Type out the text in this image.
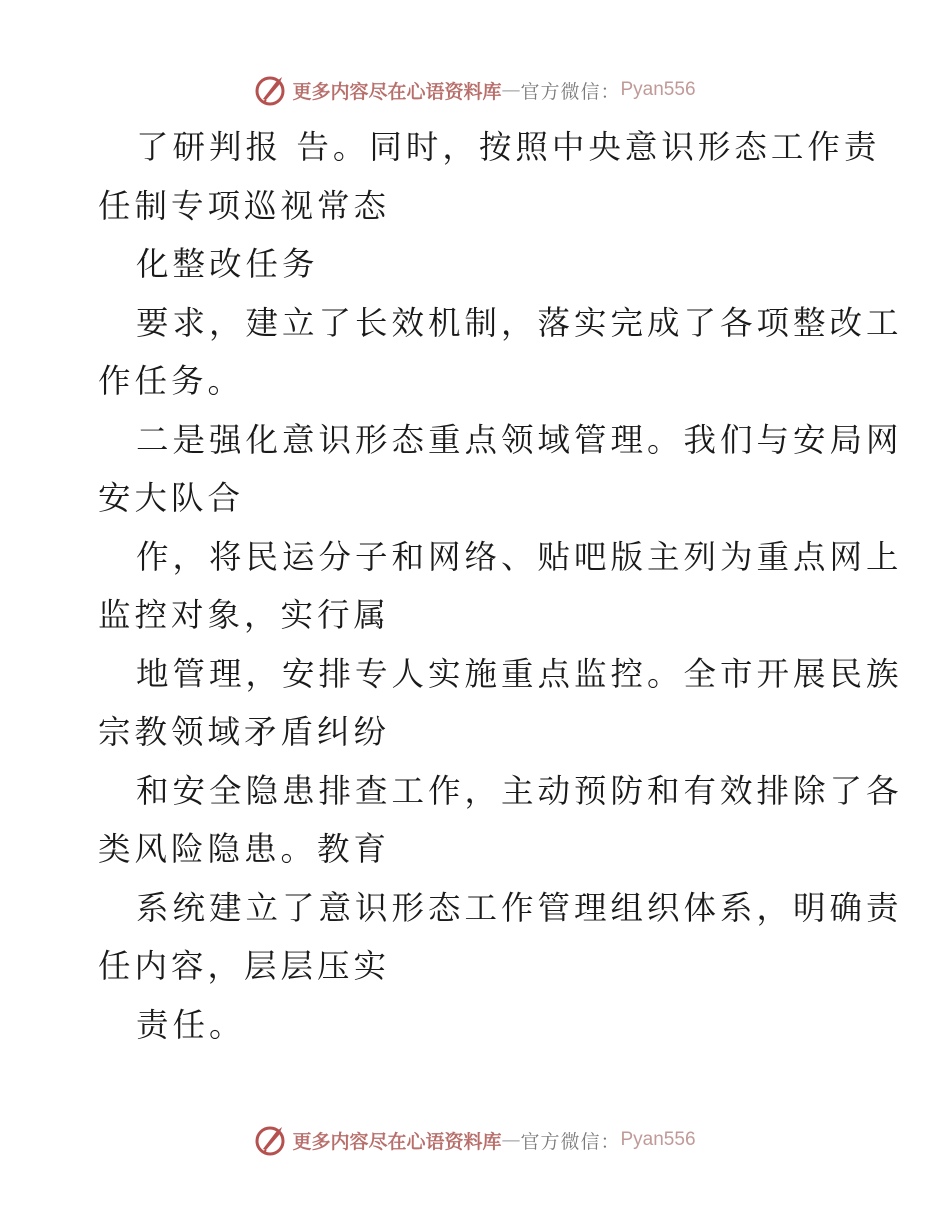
更多内容尽在心语资料库 — 官方微信： Pyan556
了研判报 告。同时，按照中央意识形态工作责
任制专项巡视常态
化整改任务
要求，建立了长效机制，落实完成了各项整改工
作任务。
二是强化意识形态重点领域管理。我们与安局网
安大队合
作，将民运分子和网络、贴吧版主列为重点网上
监控对象，实行属
地管理，安排专人实施重点监控。全市开展民族
宗教领域矛盾纠纷
和安全隐患排查工作，主动预防和有效排除了各
类风险隐患。教育
系统建立了意识形态工作管理组织体系，明确责
任内容，层层压实
责任。
更多内容尽在心语资料库 — 官方微信： Pyan556
